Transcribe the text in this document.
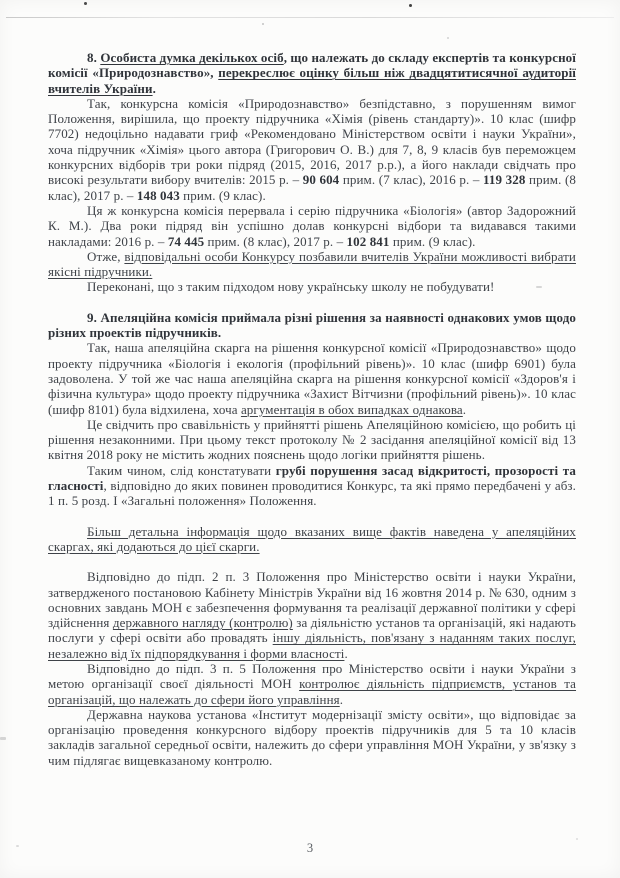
8. Особиста думка декількох осіб, що належать до складу експертів та конкурсної комісії «Природознавство», перекреслює оцінку більш ніж двадцятитисячної аудиторії вчителів України.

Так, конкурсна комісія «Природознавство» безпідставно, з порушенням вимог Положення, вирішила, що проекту підручника «Хімія (рівень стандарту)». 10 клас (шифр 7702) недоцільно надавати гриф «Рекомендовано Міністерством освіти і науки України», хоча підручник «Хімія» цього автора (Григорович О. В.) для 7, 8, 9 класів був переможцем конкурсних відборів три роки підряд (2015, 2016, 2017 р.р.), а його наклади свідчать про високі результати вибору вчителів: 2015 р. – 90 604 прим. (7 клас), 2016 р. – 119 328 прим. (8 клас), 2017 р. – 148 043 прим. (9 клас).

Ця ж конкурсна комісія перервала і серію підручника «Біологія» (автор Задорожний К. М.). Два роки підряд він успішно долав конкурсні відбори та видавався такими накладами: 2016 р. – 74 445 прим. (8 клас), 2017 р. – 102 841 прим. (9 клас).

Отже, відповідальні особи Конкурсу позбавили вчителів України можливості вибрати якісні підручники.

Переконані, що з таким підходом нову українську школу не побудувати!

9. Апеляційна комісія приймала різні рішення за наявності однакових умов щодо різних проектів підручників.

Так, наша апеляційна скарга на рішення конкурсної комісії «Природознавство» щодо проекту підручника «Біологія і екологія (профільний рівень)». 10 клас (шифр 6901) була задоволена. У той же час наша апеляційна скарга на рішення конкурсної комісії «Здоров'я і фізична культура» щодо проекту підручника «Захист Вітчизни (профільний рівень)». 10 клас (шифр 8101) була відхилена, хоча аргументація в обох випадках однакова.

Це свідчить про свавільність у прийнятті рішень Апеляційною комісією, що робить ці рішення незаконними. При цьому текст протоколу № 2 засідання апеляційної комісії від 13 квітня 2018 року не містить жодних пояснень щодо логіки прийняття рішень.

Таким чином, слід констатувати грубі порушення засад відкритості, прозорості та гласності, відповідно до яких повинен проводитися Конкурс, та які прямо передбачені у абз. 1 п. 5 розд. І «Загальні положення» Положення.

Більш детальна інформація щодо вказаних вище фактів наведена у апеляційних скаргах, які додаються до цієї скарги.

Відповідно до підп. 2 п. 3 Положення про Міністерство освіти і науки України, затвердженого постановою Кабінету Міністрів України від 16 жовтня 2014 р. № 630, одним з основних завдань МОН є забезпечення формування та реалізації державної політики у сфері здійснення державного нагляду (контролю) за діяльністю установ та організацій, які надають послуги у сфері освіти або провадять іншу діяльність, пов'язану з наданням таких послуг, незалежно від їх підпорядкування і форми власності.

Відповідно до підп. 3 п. 5 Положення про Міністерство освіти і науки України з метою організації своєї діяльності МОН контролює діяльність підприємств, установ та організацій, що належать до сфери його управління.

Державна наукова установа «Інститут модернізації змісту освіти», що відповідає за організацію проведення конкурсного відбору проектів підручників для 5 та 10 класів закладів загальної середньої освіти, належить до сфери управління МОН України, у зв'язку з чим підлягає вищевказаному контролю.

3
